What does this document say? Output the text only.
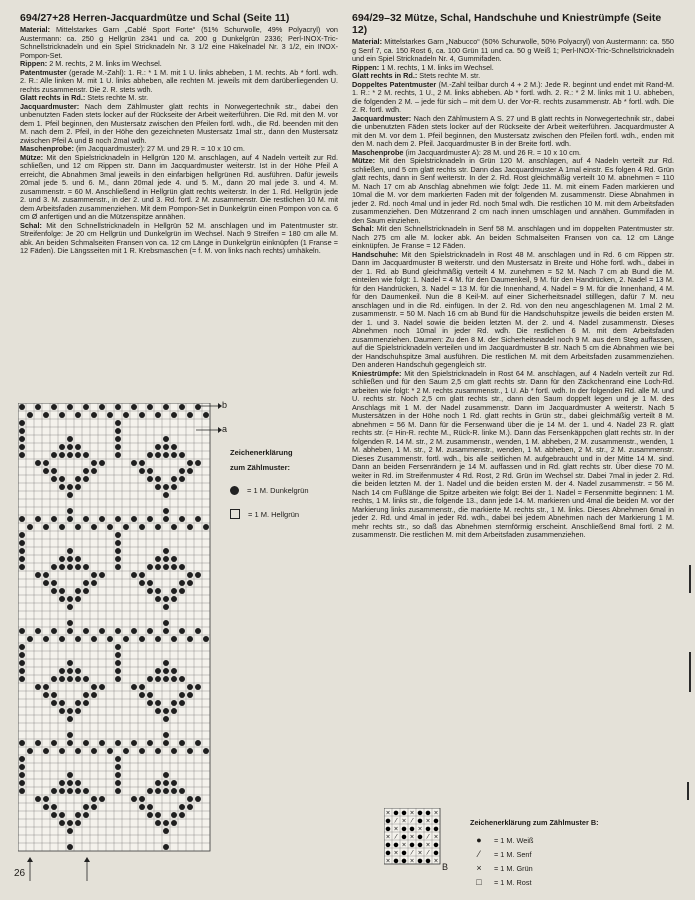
694/27+28 Herren-Jacquardmütze und Schal (Seite 11)

Material: Mittelstarkes Garn „Cablé Sport Forte“ (51% Schurwolle, 49% Polyacryl) von Austermann: ca. 250 g Hellgrün 2341 und ca. 200 g Dunkelgrün 2336; Perl-INOX-Tric-Schnellstricknadeln und ein Spiel Stricknadeln Nr. 3 1/2 eine Häkelnadel Nr. 3 1/2, ein INOX-Pompon-Set.

Rippen: 2 M. rechts, 2 M. links im Wechsel.

Patentmuster (gerade M.-Zahl): 1. R.: * 1 M. mit 1 U. links abheben, 1 M. rechts. Ab * fortl. wdh. 2. R.: Alle linken M. mit 1 U. links abheben, alle rechten M. jeweils mit dem darüberliegenden U. rechts zusammenstr. Die 2. R. stets wdh.

Glatt rechts in Rd.: Stets rechte M. str.

Jacquardmuster: Nach dem Zählmuster glatt rechts in Norwegertechnik str., dabei den unbenutzten Faden stets locker auf der Rückseite der Arbeit weiterführen. Die Rd. mit den M. vor dem 1. Pfeil beginnen, den Mustersatz zwischen den Pfeilen fortl. wdh., die Rd. beenden mit den M. nach dem 2. Pfeil, in der Höhe den gezeichneten Mustersatz 1mal str., dann den Mustersatz zwischen Pfeil A und B noch 2mal wdh.

Maschenprobe: (im Jacquardmuster): 27 M. und 29 R. = 10 x 10 cm.

Mütze: Mit den Spielstricknadeln in Hellgrün 120 M. anschlagen, auf 4 Nadeln verteilt zur Rd. schließen, und 12 cm Rippen str. Dann im Jacquardmuster weiterstr. Ist in der Höhe Pfeil A erreicht, die Abnahmen 3mal jeweils in den einfarbigen hellgrünen Rd. ausführen. Dafür jeweils 20mal jede 5. und 6. M., dann 20mal jede 4. und 5. M., dann 20 mal jede 3. und 4. M. zusammenstr. = 60 M. Anschließend in Hellgrün glatt rechts weiterstr. In der 1. Rd. Hellgrün jede 2. und 3. M. zusammenstr., in der 2. und 3. Rd. fortl. 2 M. zusammenstr. Die restlichen 10 M. mit dem Arbeitsfaden zusammenziehen. Mit dem Pompon-Set in Dunkelgrün einen Pompon von ca. 6 cm Ø anfertigen und an die Mützenspitze annähen.

Schal: Mit den Schnellstricknadeln in Hellgrün 52 M. anschlagen und im Patentmuster str. Streifenfolge: Je 20 cm Hellgrün und Dunkelgrün im Wechsel. Nach 9 Streifen = 180 cm alle M. abk. An beiden Schmalseiten Fransen von ca. 12 cm Länge in Dunkelgrün einknüpfen (1 Franse = 12 Fäden). Die Längsseiten mit 1 R. Krebsmaschen (= f. M. von links nach rechts) umhäkeln.

694/29–32 Mütze, Schal, Handschuhe und Kniestrümpfe (Seite 12)

Material: Mittelstarkes Garn „Nabucco“ (50% Schurwolle, 50% Polyacryl) von Austermann: ca. 550 g Senf 7, ca. 150 Rost 6, ca. 100 Grün 11 und ca. 50 g Weiß 1; Perl-INOX-Tric-Schnellstricknadeln und ein Spiel Stricknadeln Nr. 4, Gummifaden.

Rippen: 1 M. rechts, 1 M. links im Wechsel.

Glatt rechts in Rd.: Stets rechte M. str.

Doppeltes Patentmuster (M.-Zahl teilbar durch 4 + 2 M.): Jede R. beginnt und endet mit Rand-M. 1. R.: * 2 M. rechts, 1 U., 2 M. links abheben. Ab * fortl. wdh. 2. R.: * 2 M. links mit 1 U. abheben, die folgenden 2 M. – jede für sich – mit dem U. der Vor-R. rechts zusammenstr. Ab * fortl. wdh. Die 2. R. fortl. wdh.

Jacquardmuster: Nach den Zählmustern A S. 27 und B glatt rechts in Norwegertechnik str., dabei die unbenutzten Fäden stets locker auf der Rückseite der Arbeit weiterführen. Jacquardmuster A mit den M. vor dem 1. Pfeil beginnen, den Mustersatz zwischen den Pfeilen fortl. wdh., enden mit den M. nach dem 2. Pfeil. Jacquardmuster B in der Breite fortl. wdh.

Maschenprobe (im Jacquardmuster A): 28 M. und 26 R. = 10 x 10 cm.

Mütze: Mit den Spielstricknadeln in Grün 120 M. anschlagen, auf 4 Nadeln verteilt zur Rd. schließen, und 5 cm glatt rechts str. Dann das Jacquardmuster A 1mal einstr. Es folgen 4 Rd. Grün glatt rechts, dann in Senf weiterstr. In der 2. Rd. Rost gleichmäßig verteilt 10 M. abnehmen = 110 M. Nach 17 cm ab Anschlag abnehmen wie folgt: Jede 11. M. mit einem Faden markieren und 10mal die M. vor dem markierten Faden mit der folgenden M. zusammenstr. Diese Abnahmen in jeder 2. Rd. noch 4mal und in jeder Rd. noch 5mal wdh. Die restlichen 10 M. mit dem Arbeitsfaden zusammenziehen. Den Mützenrand 2 cm nach innen umschlagen und annähen. Gummifaden in den Saum einziehen.

Schal: Mit den Schnellstricknadeln in Senf 58 M. anschlagen und im doppelten Patentmuster str. Nach 275 cm alle M. locker abk. An beiden Schmalseiten Fransen von ca. 12 cm Länge einknüpfen. Je Franse = 12 Fäden.

Handschuhe: Mit den Spielstricknadeln in Rost 48 M. anschlagen und in Rd. 6 cm Rippen str. Dann im Jacquardmuster B weiterstr. und den Mustersatz in Breite und Höhe fortl. wdh., dabei in der 1. Rd. ab Bund gleichmäßig verteilt 4 M. zunehmen = 52 M. Nach 7 cm ab Bund die M. einteilen wie folgt: 1. Nadel = 4 M. für den Daumenkeil, 9 M. für den Handrücken, 2. Nadel = 13 M. für den Handrücken, 3. Nadel = 13 M. für die Innenhand, 4. Nadel = 9 M. für die Innenhand, 4 M. für den Daumenkeil. Nun die 8 Keil-M. auf einer Sicherheitsnadel stilllegen, dafür 7 M. neu anschlagen und in die Rd. einfügen. In der 2. Rd. von den neu angeschlagenen M. 1mal 2 M. zusammenstr. = 50 M. Nach 16 cm ab Bund für die Handschuhspitze jeweils die beiden ersten M. der 1. und 3. Nadel sowie die beiden letzten M. der 2. und 4. Nadel zusammenstr. Dieses Abnehmen noch 10mal in jeder Rd. wdh. Die restlichen 6 M. mit dem Arbeitsfaden zusammenziehen. Daumen: Zu den 8 M. der Sicherheitsnadel noch 9 M. aus dem Steg auffassen, auf die Spielstricknadeln verteilen und im Jacquardmuster B str. Nach 5 cm die Abnahmen wie bei der Handschuhspitze 3mal ausführen. Die restlichen M. mit dem Arbeitsfaden zusammenziehen. Den anderen Handschuh gegengleich str.

Kniestrümpfe: Mit den Spielstricknadeln in Rost 64 M. anschlagen, auf 4 Nadeln verteilt zur Rd. schließen und für den Saum 2,5 cm glatt rechts str. Dann für den Zäckchenrand eine Loch-Rd. arbeiten wie folgt: * 2 M. rechts zusammenstr., 1 U. Ab * fortl. wdh. In der folgenden Rd. alle M. und U. rechts str. Noch 2,5 cm glatt rechts str., dann den Saum doppelt legen und je 1 M. des Anschlags mit 1 M. der Nadel zusammenstr. Dann im Jacquardmuster A weiterstr. Nach 5 Mustersätzen in der Höhe noch 1 Rd. glatt rechts in Grün str., dabei gleichmäßig verteilt 8 M. abnehmen = 56 M. Dann für die Fersenwand über die je 14 M. der 1. und 4. Nadel 23 R. glatt rechts str. (= Hin-R. rechte M., Rück-R. linke M.). Dann das Fersenkäppchen glatt rechts str. In der folgenden R. 14 M. str., 2 M. zusammenstr., wenden, 1 M. abheben, 2 M. zusammenstr., wenden, 1 M. abheben, 1 M. str., 2 M. zusammenstr., wenden, 1 M. abheben, 2 M. str., 2 M. zusammenstr. Dieses Zusammenstr. fortl. wdh., bis alle seitlichen M. aufgebraucht und in der Mitte 14 M. sind. Dann an beiden Fersenrändern je 14 M. auffassen und in Rd. glatt rechts str. Über diese 70 M. weiter in Rd. im Streifenmuster 4 Rd. Rost, 2 Rd. Grün im Wechsel str. Dabei 7mal in jeder 2. Rd. die beiden letzten M. der 1. Nadel und die beiden ersten M. der 4. Nadel zusammenstr. = 56 M. Nach 14 cm Fußlänge die Spitze arbeiten wie folgt: Bei der 1. Nadel = Fersenmitte beginnen: 1 M. rechts, 1 M. links str., die folgende 13., dann jede 14. M. markieren und 4mal die beiden M. vor der Markierung links zusammenstr., die markierte M. rechts str., 1 M. links. Dieses Abnehmen 6mal in jeder 2. Rd. und 4mal in jeder Rd. wdh., dabei bei jedem Abnehmen nach der Markierung 1 M. mehr rechts str., so daß das Abnehmen sternförmig erscheint. Anschließend 8mal fortl. 2 M. zusammenstr. Die restlichen M. mit dem Arbeitsfaden zusammenziehen.

b
a
Zeichenerklärung
zum Zählmuster:
= 1 M. Dunkelgrün
= 1 M. Hellgrün
× ● ● × ● ● ×
● ⁄ × ⁄ ● × ●
● × ● ● × ● ●
× ⁄ ● × ● ⁄ ×
● ● × ● ● × ●
● × ● ⁄ × ⁄ ●
× ● ● × ● ● ×
B
Zeichenerklärung zum Zählmuster B:
●	= 1 M. Weiß
⁄	= 1 M. Senf
×	= 1 M. Grün
□	= 1 M. Rost
26
